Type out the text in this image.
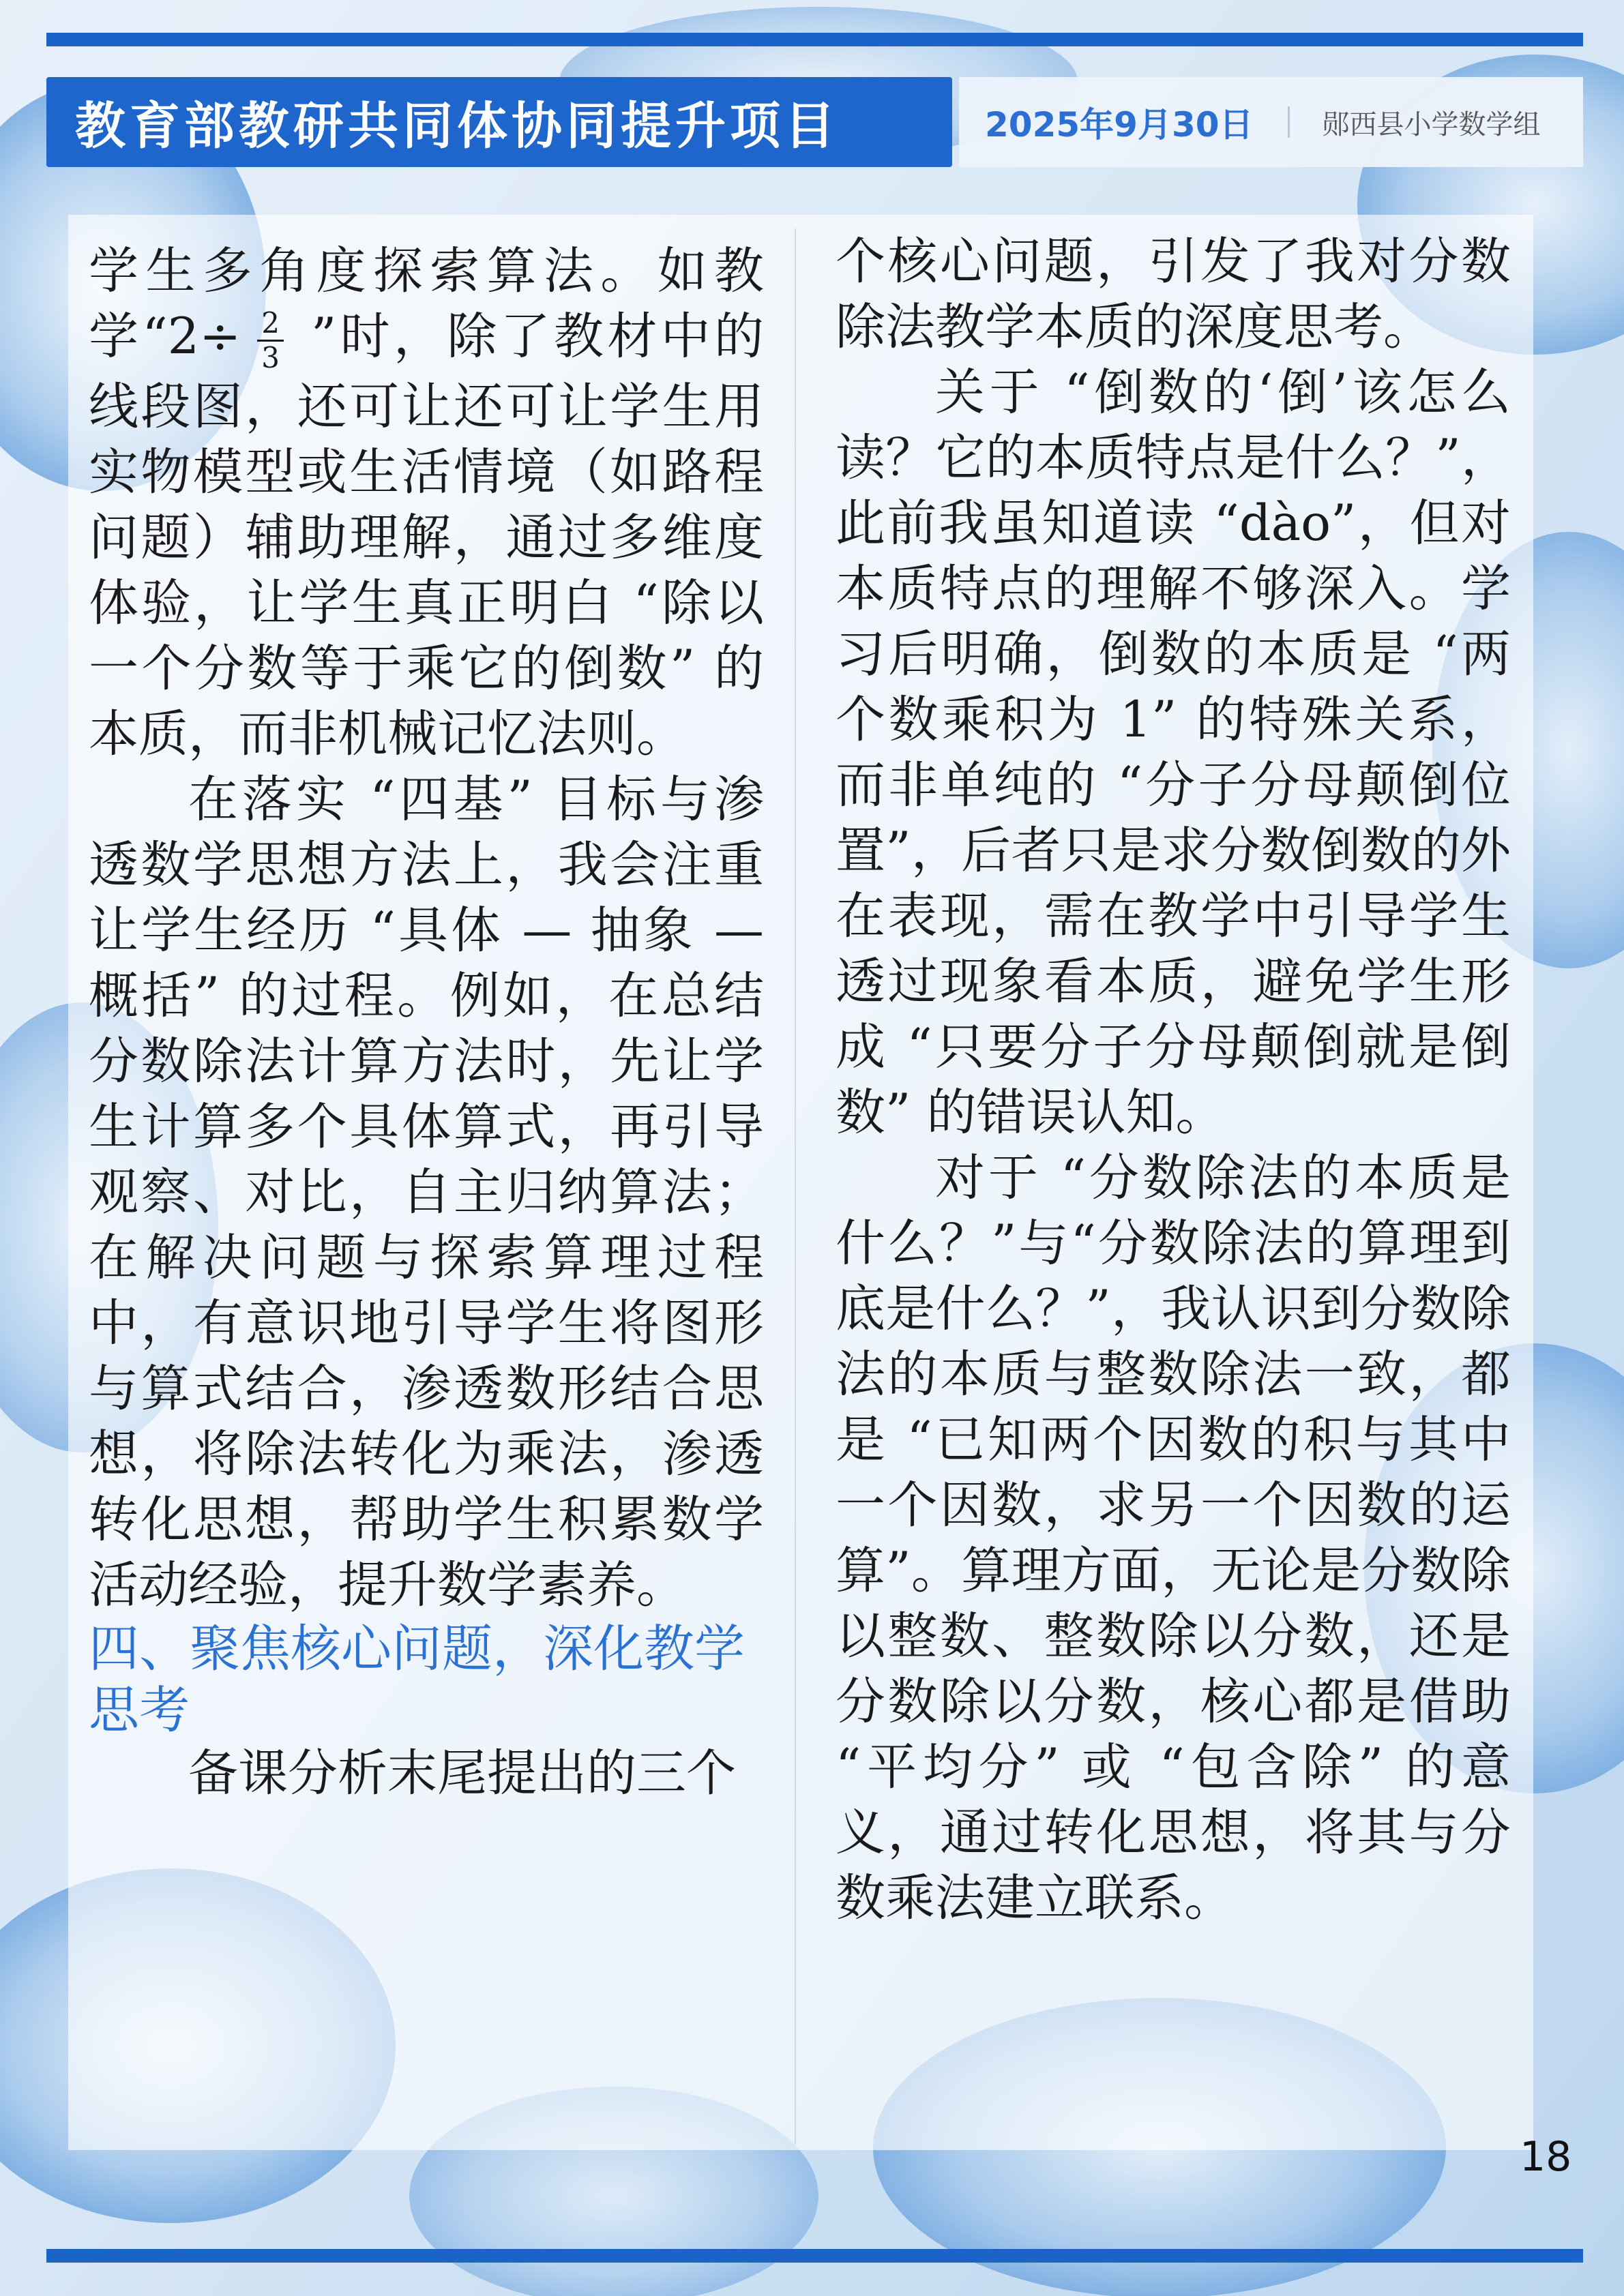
教育部教研共同体协同提升项目	2025年9月30日	郧西县小学数学组

学生多角度探索算法。如教学“$2\div \frac{2}{3}$ ”时，除了教材中的线段图，还可让还可让学生用实物模型或生活情境（如路程问题）辅助理解，通过多维度体验，让学生真正明白 “除以一个分数等于乘它的倒数” 的本质，而非机械记忆法则。

在落实 “四基” 目标与渗透数学思想方法上，我会注重让学生经历 “具体 — 抽象 — 概括” 的过程。例如，在总结分数除法计算方法时，先让学生计算多个具体算式，再引导观察、对比，自主归纳算法；在解决问题与探索算理过程中，有意识地引导学生将图形与算式结合，渗透数形结合思想，将除法转化为乘法，渗透转化思想，帮助学生积累数学活动经验，提升数学素养。

四、聚焦核心问题，深化教学思考

备课分析末尾提出的三个

个核心问题，引发了我对分数除法教学本质的深度思考。

关于 “倒数的‘倒’该怎么读？它的本质特点是什么？”，此前我虽知道读 “dào”，但对本质特点的理解不够深入。学习后明确，倒数的本质是 “两个数乘积为 1” 的特殊关系，而非单纯的 “分子分母颠倒位置”，后者只是求分数倒数的外在表现，需在教学中引导学生透过现象看本质，避免学生形成 “只要分子分母颠倒就是倒数” 的错误认知。

对于 “分数除法的本质是什么？”与“分数除法的算理到底是什么？”，我认识到分数除法的本质与整数除法一致，都是 “已知两个因数的积与其中一个因数，求另一个因数的运算”。算理方面，无论是分数除以整数、整数除以分数，还是分数除以分数，核心都是借助 “平均分” 或 “包含除” 的意义，通过转化思想，将其与分数乘法建立联系。

18
